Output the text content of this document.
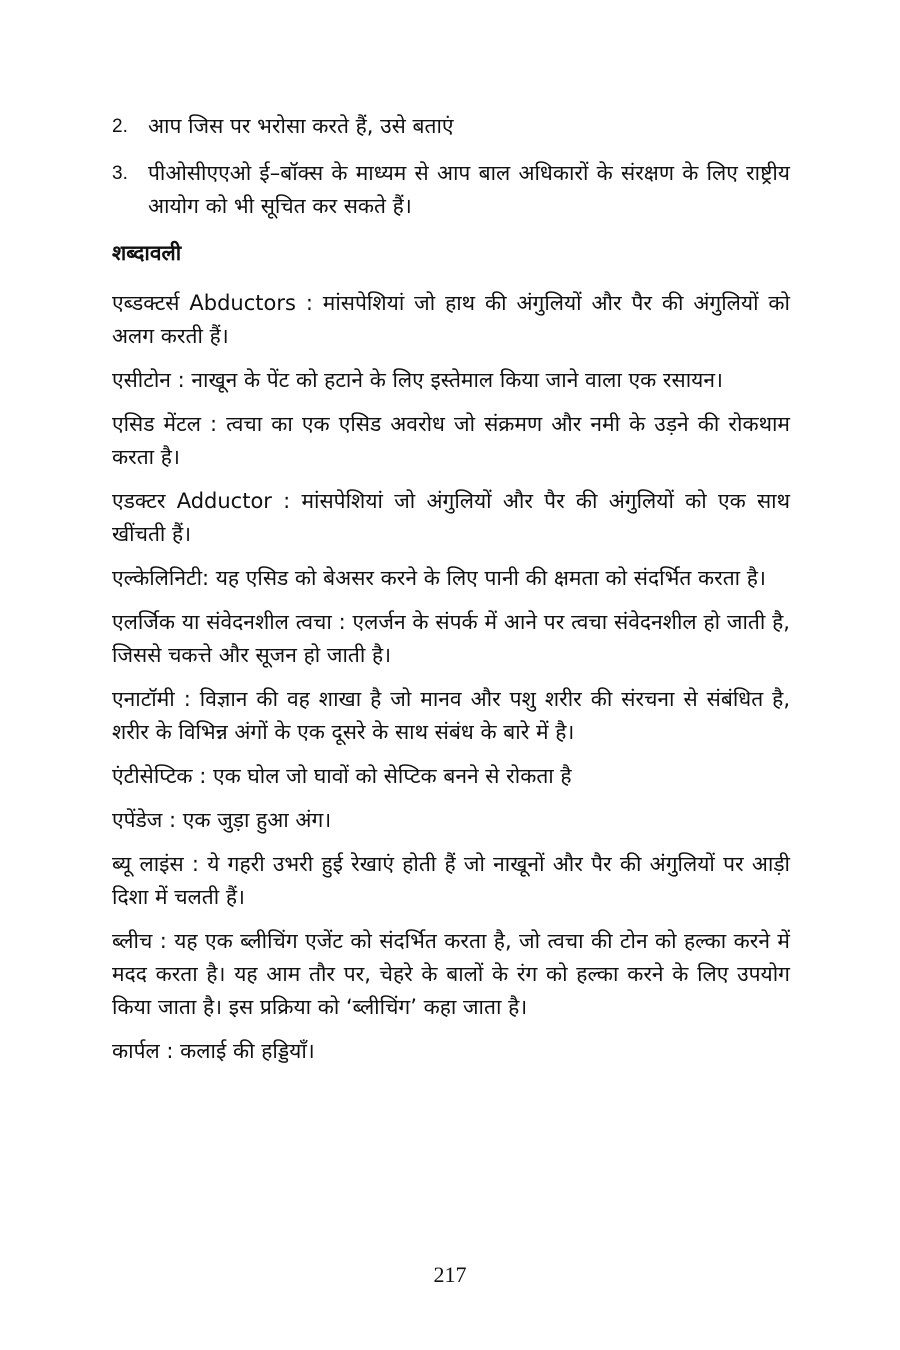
2. आप जिस पर भरोसा करते हैं, उसे बताएं
3. पीओसीएएओ ई–बॉक्स के माध्यम से आप बाल अधिकारों के संरक्षण के लिए राष्ट्रीय आयोग को भी सूचित कर सकते हैं।
शब्दावली
एब्डक्टर्स Abductors : मांसपेशियां जो हाथ की अंगुलियों और पैर की अंगुलियों को अलग करती हैं।
एसीटोन : नाखून के पेंट को हटाने के लिए इस्तेमाल किया जाने वाला एक रसायन।
एसिड मेंटल : त्वचा का एक एसिड अवरोध जो संक्रमण और नमी के उड़ने की रोकथाम करता है।
एडक्टर Adductor : मांसपेशियां जो अंगुलियों और पैर की अंगुलियों को एक साथ खींचती हैं।
एल्केलिनिटी: यह एसिड को बेअसर करने के लिए पानी की क्षमता को संदर्भित करता है।
एलर्जिक या संवेदनशील त्वचा : एलर्जन के संपर्क में आने पर त्वचा संवेदनशील हो जाती है, जिससे चकत्ते और सूजन हो जाती है।
एनाटॉमी : विज्ञान की वह शाखा है जो मानव और पशु शरीर की संरचना से संबंधित है, शरीर के विभिन्न अंगों के एक दूसरे के साथ संबंध के बारे में है।
एंटीसेप्टिक : एक घोल जो घावों को सेप्टिक बनने से रोकता है
एपेंडेज : एक जुड़ा हुआ अंग।
ब्यू लाइंस : ये गहरी उभरी हुई रेखाएं होती हैं जो नाखूनों और पैर की अंगुलियों पर आड़ी दिशा में चलती हैं।
ब्लीच : यह एक ब्लीचिंग एजेंट को संदर्भित करता है, जो त्वचा की टोन को हल्का करने में मदद करता है। यह आम तौर पर, चेहरे के बालों के रंग को हल्का करने के लिए उपयोग किया जाता है। इस प्रक्रिया को ‘ब्लीचिंग’ कहा जाता है।
कार्पल : कलाई की हड्डियाँ।
217
